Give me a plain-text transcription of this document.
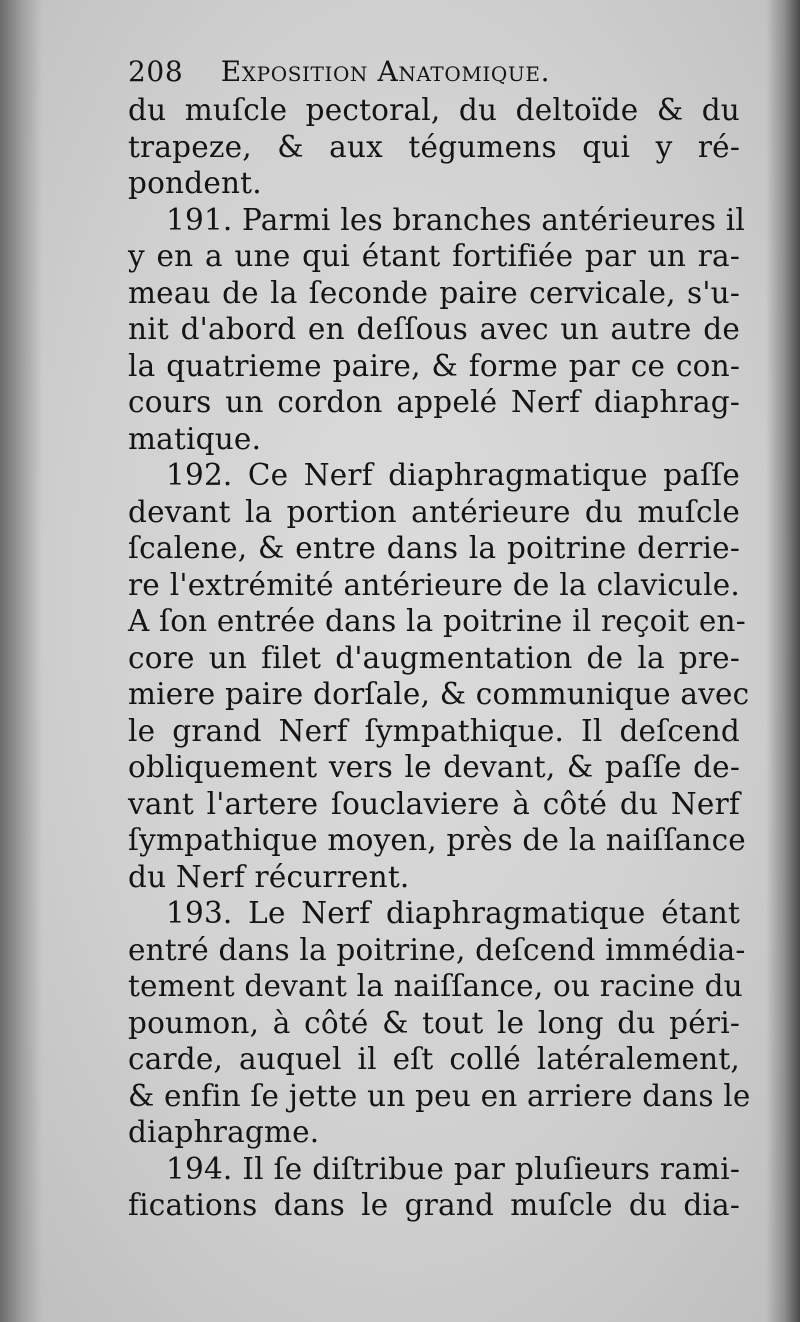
208 Exposition Anatomique.
du muſcle pectoral, du deltoïde & du
trapeze, & aux tégumens qui y ré-
pondent.
191. Parmi les branches antérieures il
y en a une qui étant fortifiée par un ra-
meau de la ſeconde paire cervicale, s'u-
nit d'abord en deſſous avec un autre de
la quatrieme paire, & forme par ce con-
cours un cordon appelé Nerf diaphrag-
matique.
192. Ce Nerf diaphragmatique paſſe
devant la portion antérieure du muſcle
ſcalene, & entre dans la poitrine derrie-
re l'extrémité antérieure de la clavicule.
A ſon entrée dans la poitrine il reçoit en-
core un filet d'augmentation de la pre-
miere paire dorſale, & communique avec
le grand Nerf ſympathique. Il deſcend
obliquement vers le devant, & paſſe de-
vant l'artere ſouclaviere à côté du Nerf
ſympathique moyen, près de la naiſſance
du Nerf récurrent.
193. Le Nerf diaphragmatique étant
entré dans la poitrine, deſcend immédia-
tement devant la naiſſance, ou racine du
poumon, à côté & tout le long du péri-
carde, auquel il eſt collé latéralement,
& enfin ſe jette un peu en arriere dans le
diaphragme.
194. Il ſe diſtribue par pluſieurs rami-
fications dans le grand muſcle du dia-
